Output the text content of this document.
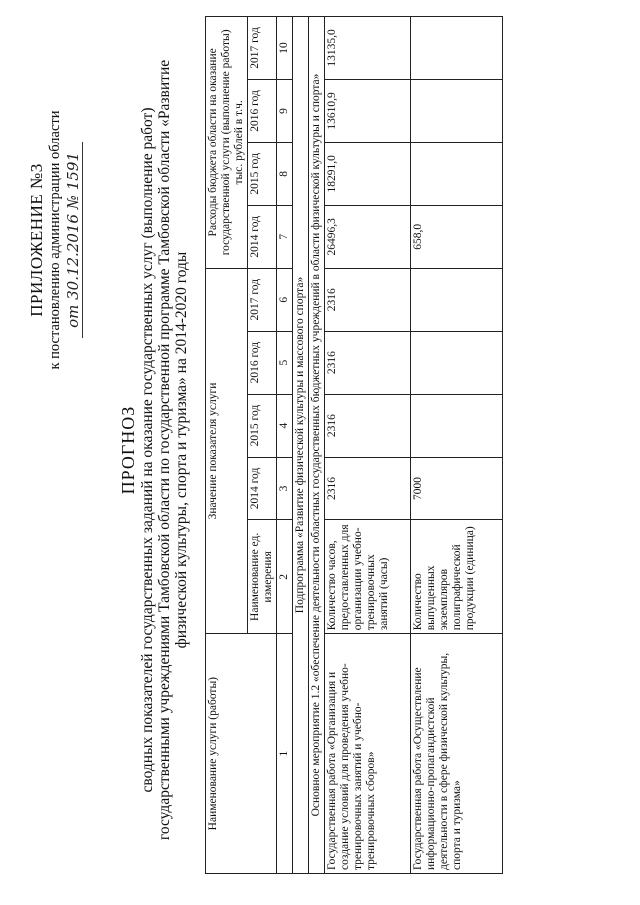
ПРИЛОЖЕНИЕ №3 к постановлению администрации области от 30.12.2016 № 1591
ПРОГНОЗ сводных показателей государственных заданий на оказание государственных услуг (выполнение работ) государственными учреждениями Тамбовской области по государственной программе Тамбовской области «Развитие физической культуры, спорта и туризма» на 2014-2020 годы
Наименование услуги (работы)	Значение показателя услуги					Расходы бюджета области на оказание государственной услуги (выполнение работы) тыс. рублей в т.ч.			
	Наименование ед. измерения	2014 год	2015 год	2016 год	2017 год	2014 год	2015 год	2016 год	2017 год
1	2	3	4	5	6	7	8	9	10
Подпрограмма «Развитие физической культуры и массового спорта»									
Основное мероприятие 1.2 «обеспечение деятельности областных государственных бюджетных учреждений в области физической культуры и спорта»									
Государственная работа «Организация и создание условий для проведения учебно-тренировочных занятий и учебно-тренировочных сборов»	Количество часов, предоставленных для организации учебно-тренировочных занятий (часы)	2316	2316	2316	2316	26496,3	18291,0	13610,9	13135,0
Государственная работа «Осуществление информационно-пропагандистской деятельности в сфере физической культуры, спорта и туризма»	Количество выпущенных экземпляров полиграфической продукции (единица)	7000				658,0			
